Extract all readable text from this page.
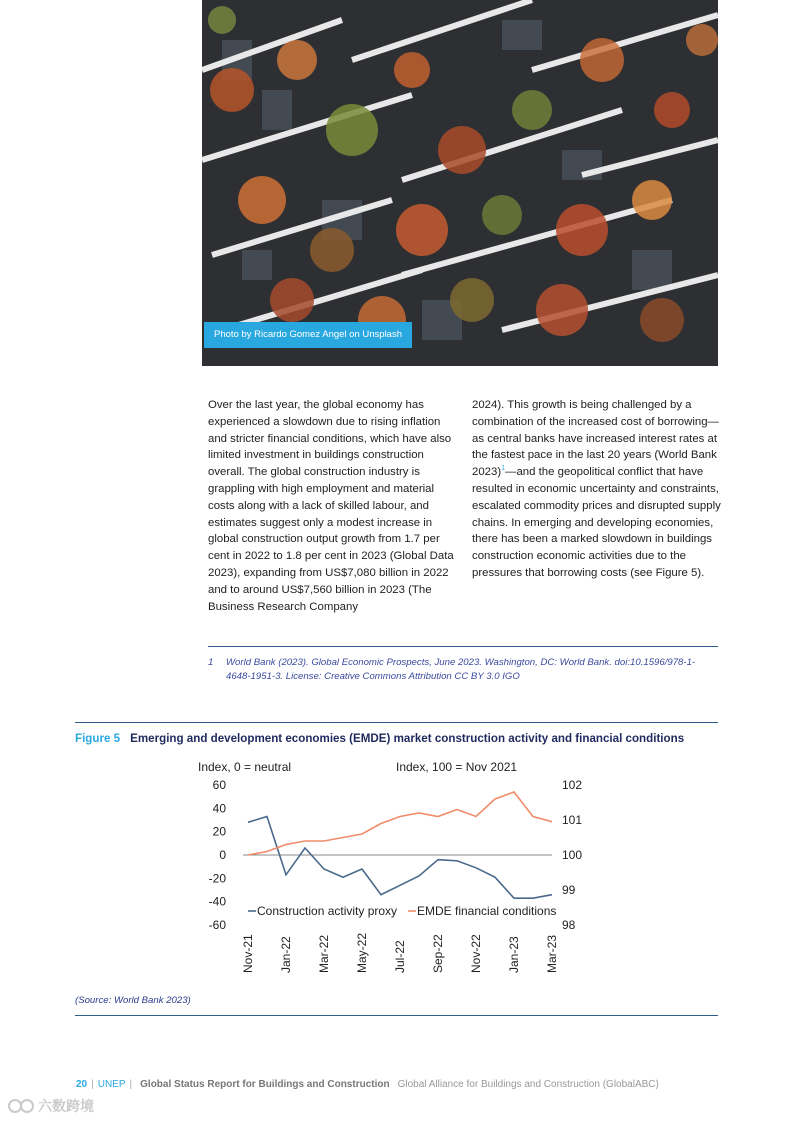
Photo by Ricardo Gomez Angel on Unsplash

Over the last year, the global economy has experienced a slowdown due to rising inflation and stricter financial conditions, which have also limited investment in buildings construction overall. The global construction industry is grappling with high employment and material costs along with a lack of skilled labour, and estimates suggest only a modest increase in global construction output growth from 1.7 per cent in 2022 to 1.8 per cent in 2023 (Global Data 2023), expanding from US$7,080 billion in 2022 and to around US$7,560 billion in 2023 (The Business Research Company

2024). This growth is being challenged by a combination of the increased cost of borrowing—as central banks have increased interest rates at the fastest pace in the last 20 years (World Bank 2023)$^1$—and the geopolitical conflict that have resulted in economic uncertainty and constraints, escalated commodity prices and disrupted supply chains. In emerging and developing economies, there has been a marked slowdown in buildings construction economic activities due to the pressures that borrowing costs (see Figure 5).

1 World Bank (2023). Global Economic Prospects, June 2023. Washington, DC: World Bank. doi:10.1596/978-1-4648-1951-3. License: Creative Commons Attribution CC BY 3.0 IGO
Figure 5 Emerging and development economies (EMDE) market construction activity and financial conditions
Index, 0 = neutral	Index, 100 = Nov 2021
60
40
20
0
-20
-40
-60
102
101
100
99
98
Nov-21 Jan-22 Mar-22 May-22 Jul-22 Sep-22 Nov-22 Jan-23 Mar-23
Construction activity proxy EMDE financial conditions
(Source: World Bank 2023)
20 | UNEP | Global Status Report for Buildings and Construction Global Alliance for Buildings and Construction (GlobalABC)
六数跨境
